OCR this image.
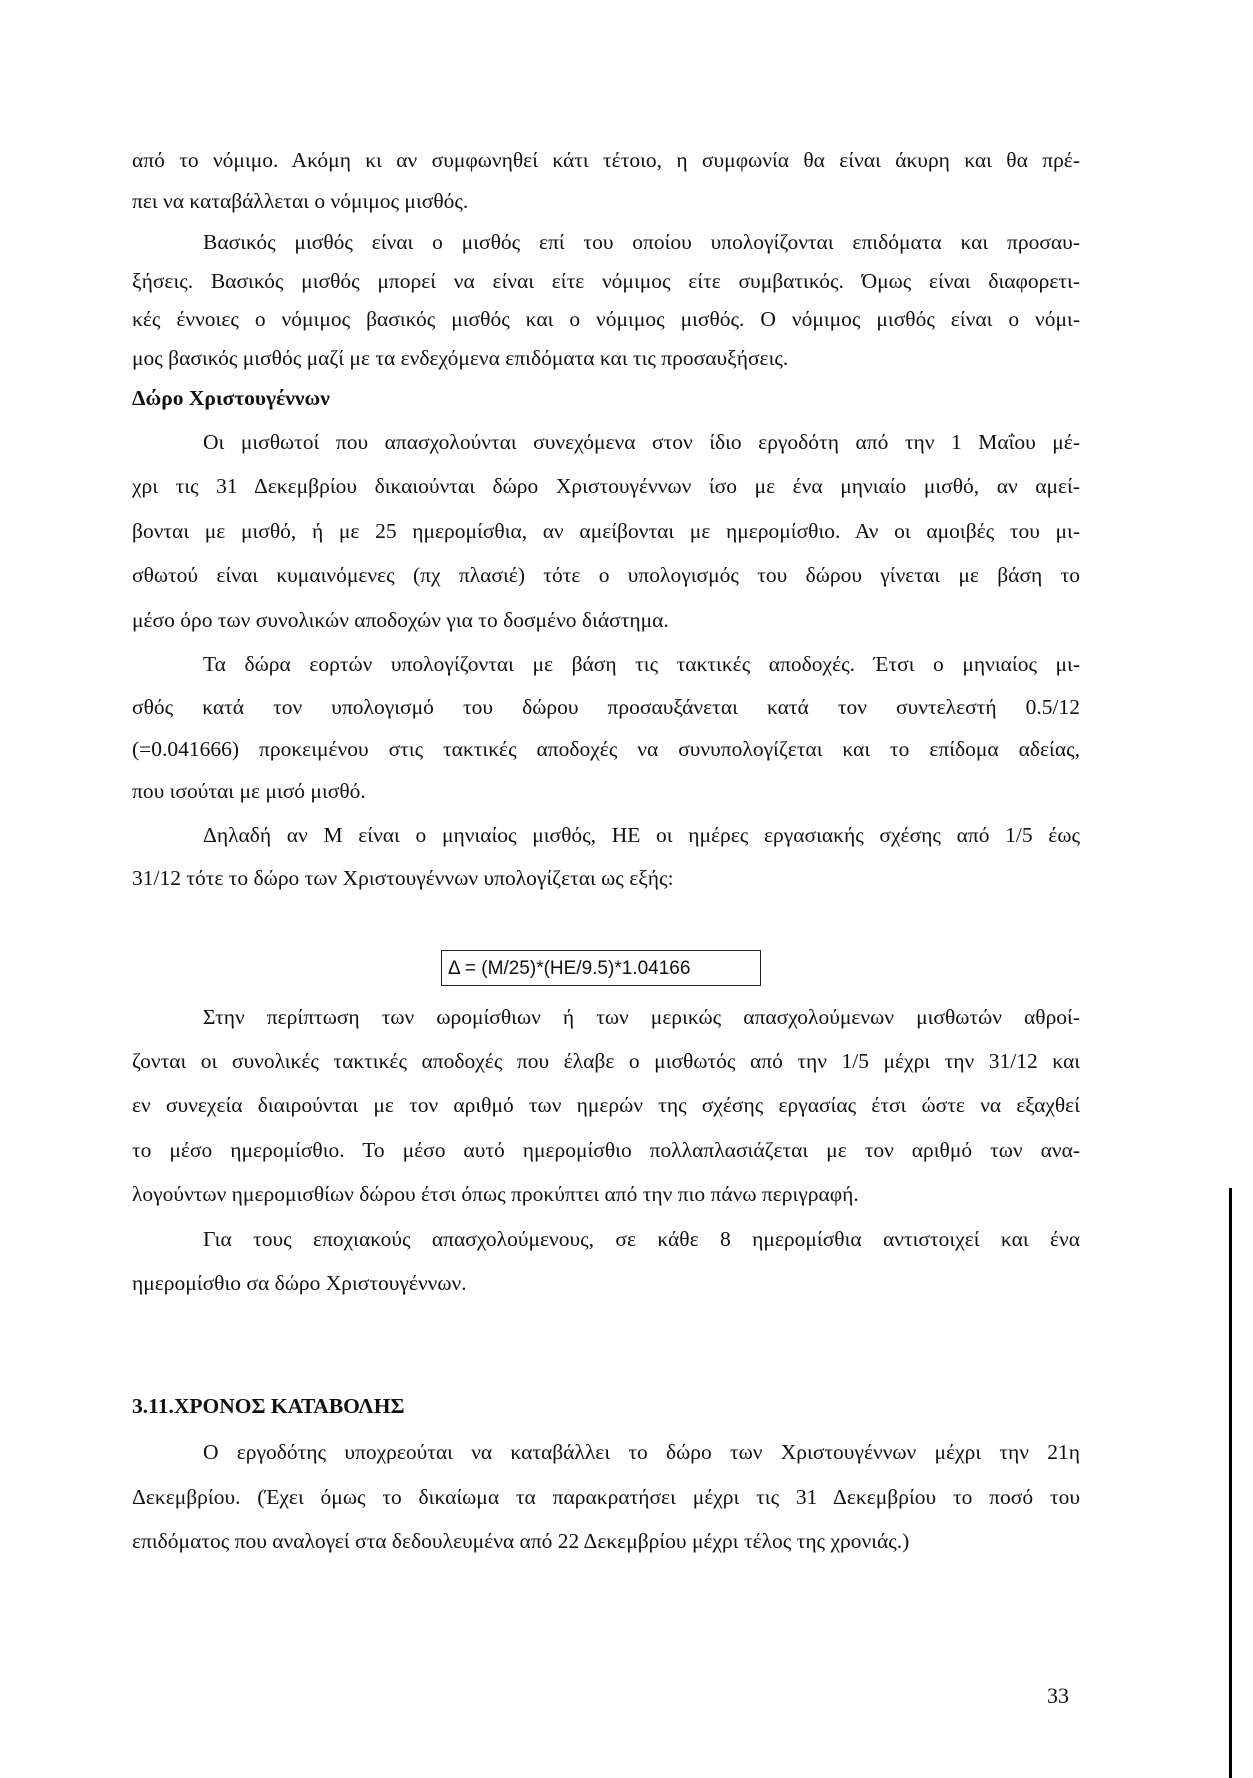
από το νόμιμο. Ακόμη κι αν συμφωνηθεί κάτι τέτοιο, η συμφωνία θα είναι άκυρη και θα πρέ-
πει να καταβάλλεται ο νόμιμος μισθός.
Βασικός μισθός είναι ο μισθός επί του οποίου υπολογίζονται επιδόματα και προσαυ-
ξήσεις. Βασικός μισθός μπορεί να είναι είτε νόμιμος είτε συμβατικός. Όμως είναι διαφορετι-
κές έννοιες ο νόμιμος βασικός μισθός και ο νόμιμος μισθός. Ο νόμιμος μισθός είναι ο νόμι-
μος βασικός μισθός μαζί με τα ενδεχόμενα επιδόματα και τις προσαυξήσεις.
Δώρο Χριστουγέννων
Οι μισθωτοί που απασχολούνται συνεχόμενα στον ίδιο εργοδότη από την 1 Μαΐου μέ-
χρι τις 31 Δεκεμβρίου δικαιούνται δώρο Χριστουγέννων ίσο με ένα μηνιαίο μισθό, αν αμεί-
βονται με μισθό, ή με 25 ημερομίσθια, αν αμείβονται με ημερομίσθιο. Αν οι αμοιβές του μι-
σθωτού είναι κυμαινόμενες (πχ πλασιέ) τότε ο υπολογισμός του δώρου γίνεται με βάση το
μέσο όρο των συνολικών αποδοχών για το δοσμένο διάστημα.
Τα δώρα εορτών υπολογίζονται με βάση τις τακτικές αποδοχές. Έτσι ο μηνιαίος μι-
σθός κατά τον υπολογισμό του δώρου προσαυξάνεται κατά τον συντελεστή 0.5/12
(=0.041666) προκειμένου στις τακτικές αποδοχές να συνυπολογίζεται και το επίδομα αδείας,
που ισούται με μισό μισθό.
Δηλαδή αν Μ είναι ο μηνιαίος μισθός, ΗΕ οι ημέρες εργασιακής σχέσης από 1/5 έως
31/12 τότε το δώρο των Χριστουγέννων υπολογίζεται ως εξής:
Δ = (Μ/25)*(ΗΕ/9.5)*1.04166
Στην περίπτωση των ωρομίσθιων ή των μερικώς απασχολούμενων μισθωτών αθροί-
ζονται οι συνολικές τακτικές αποδοχές που έλαβε ο μισθωτός από την 1/5 μέχρι την 31/12 και
εν συνεχεία διαιρούνται με τον αριθμό των ημερών της σχέσης εργασίας έτσι ώστε να εξαχθεί
το μέσο ημερομίσθιο. Το μέσο αυτό ημερομίσθιο πολλαπλασιάζεται με τον αριθμό των ανα-
λογούντων ημερομισθίων δώρου έτσι όπως προκύπτει από την πιο πάνω περιγραφή.
Για τους εποχιακούς απασχολούμενους, σε κάθε 8 ημερομίσθια αντιστοιχεί και ένα
ημερομίσθιο σα δώρο Χριστουγέννων.
3.11.ΧΡΟΝΟΣ ΚΑΤΑΒΟΛΗΣ
Ο εργοδότης υποχρεούται να καταβάλλει το δώρο των Χριστουγέννων μέχρι την 21η
Δεκεμβρίου. (Έχει όμως το δικαίωμα τα παρακρατήσει μέχρι τις 31 Δεκεμβρίου το ποσό του
επιδόματος που αναλογεί στα δεδουλευμένα από 22 Δεκεμβρίου μέχρι τέλος της χρονιάς.)
33
